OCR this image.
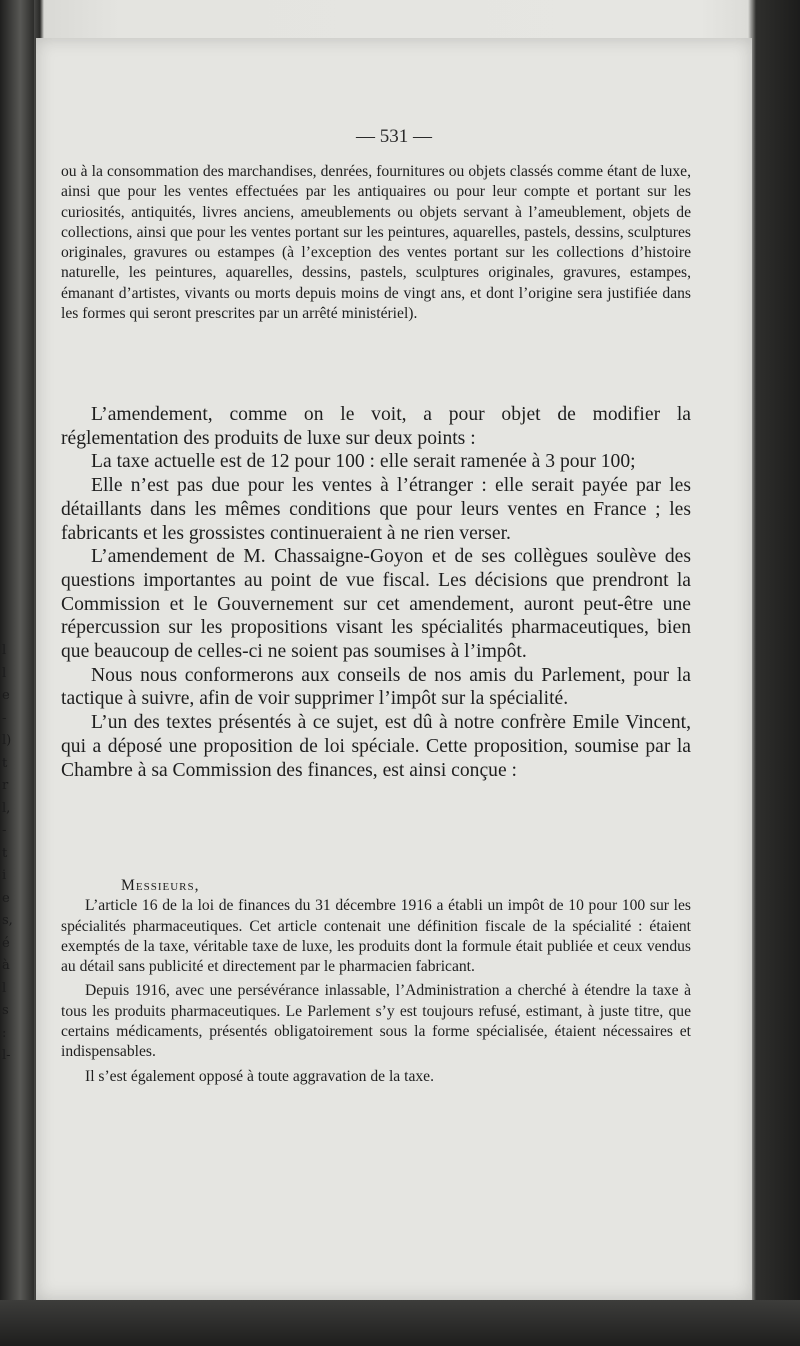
l
l
e
-
l)
t
r
l,
-
t
i
e
s,
é
à
l
s
:
l-
— 531 —

ou à la consommation des marchandises, denrées, fournitures ou objets classés comme étant de luxe, ainsi que pour les ventes effectuées par les antiquaires ou pour leur compte et portant sur les curiosités, antiquités, livres anciens, ameublements ou objets servant à l’ameublement, objets de collections, ainsi que pour les ventes portant sur les peintures, aquarelles, pastels, dessins, sculptures originales, gravures ou estampes (à l’exception des ventes portant sur les collections d’histoire naturelle, les peintures, aquarelles, dessins, pastels, sculptures originales, gravures, estampes, émanant d’artistes, vivants ou morts depuis moins de vingt ans, et dont l’origine sera justifiée dans les formes qui seront prescrites par un arrêté ministériel).

L’amendement, comme on le voit, a pour objet de modifier la réglementation des produits de luxe sur deux points :

La taxe actuelle est de 12 pour 100 : elle serait ramenée à 3 pour 100;

Elle n’est pas due pour les ventes à l’étranger : elle serait payée par les détaillants dans les mêmes conditions que pour leurs ventes en France ; les fabricants et les grossistes continueraient à ne rien verser.

L’amendement de M. Chassaigne-Goyon et de ses collègues soulève des questions importantes au point de vue fiscal. Les décisions que prendront la Commission et le Gouvernement sur cet amendement, auront peut-être une répercussion sur les propositions visant les spécialités pharmaceutiques, bien que beaucoup de celles-ci ne soient pas soumises à l’impôt.

Nous nous conformerons aux conseils de nos amis du Parlement, pour la tactique à suivre, afin de voir supprimer l’impôt sur la spécialité.

L’un des textes présentés à ce sujet, est dû à notre confrère Emile Vincent, qui a déposé une proposition de loi spéciale. Cette proposition, soumise par la Chambre à sa Commission des finances, est ainsi conçue :

Messieurs,

L’article 16 de la loi de finances du 31 décembre 1916 a établi un impôt de 10 pour 100 sur les spécialités pharmaceutiques. Cet article contenait une définition fiscale de la spécialité : étaient exemptés de la taxe, véritable taxe de luxe, les produits dont la formule était publiée et ceux vendus au détail sans publicité et directement par le pharmacien fabricant.

Depuis 1916, avec une persévérance inlassable, l’Administration a cherché à étendre la taxe à tous les produits pharmaceutiques. Le Parlement s’y est toujours refusé, estimant, à juste titre, que certains médicaments, présentés obligatoirement sous la forme spécialisée, étaient nécessaires et indispensables.

Il s’est également opposé à toute aggravation de la taxe.
